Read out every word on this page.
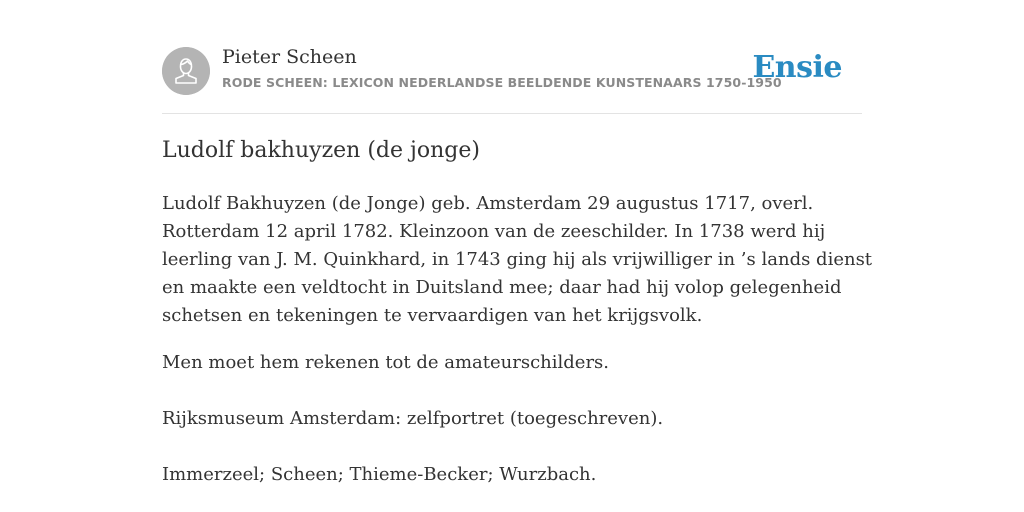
Pieter Scheen
RODE SCHEEN: LEXICON NEDERLANDSE BEELDENDE KUNSTENAARS 1750-1950
Ensie
Ludolf bakhuyzen (de jonge)

Ludolf Bakhuyzen (de Jonge) geb. Amsterdam 29 augustus 1717, overl. Rotterdam 12 april 1782. Kleinzoon van de zeeschilder. In 1738 werd hij leerling van J. M. Quinkhard, in 1743 ging hij als vrijwilliger in ’s lands dienst en maakte een veldtocht in Duitsland mee; daar had hij volop gelegenheid schetsen en tekeningen te vervaardigen van het krijgsvolk.

Men moet hem rekenen tot de amateurschilders.

Rijksmuseum Amsterdam: zelfportret (toegeschreven).

Immerzeel; Scheen; Thieme-Becker; Wurzbach.
